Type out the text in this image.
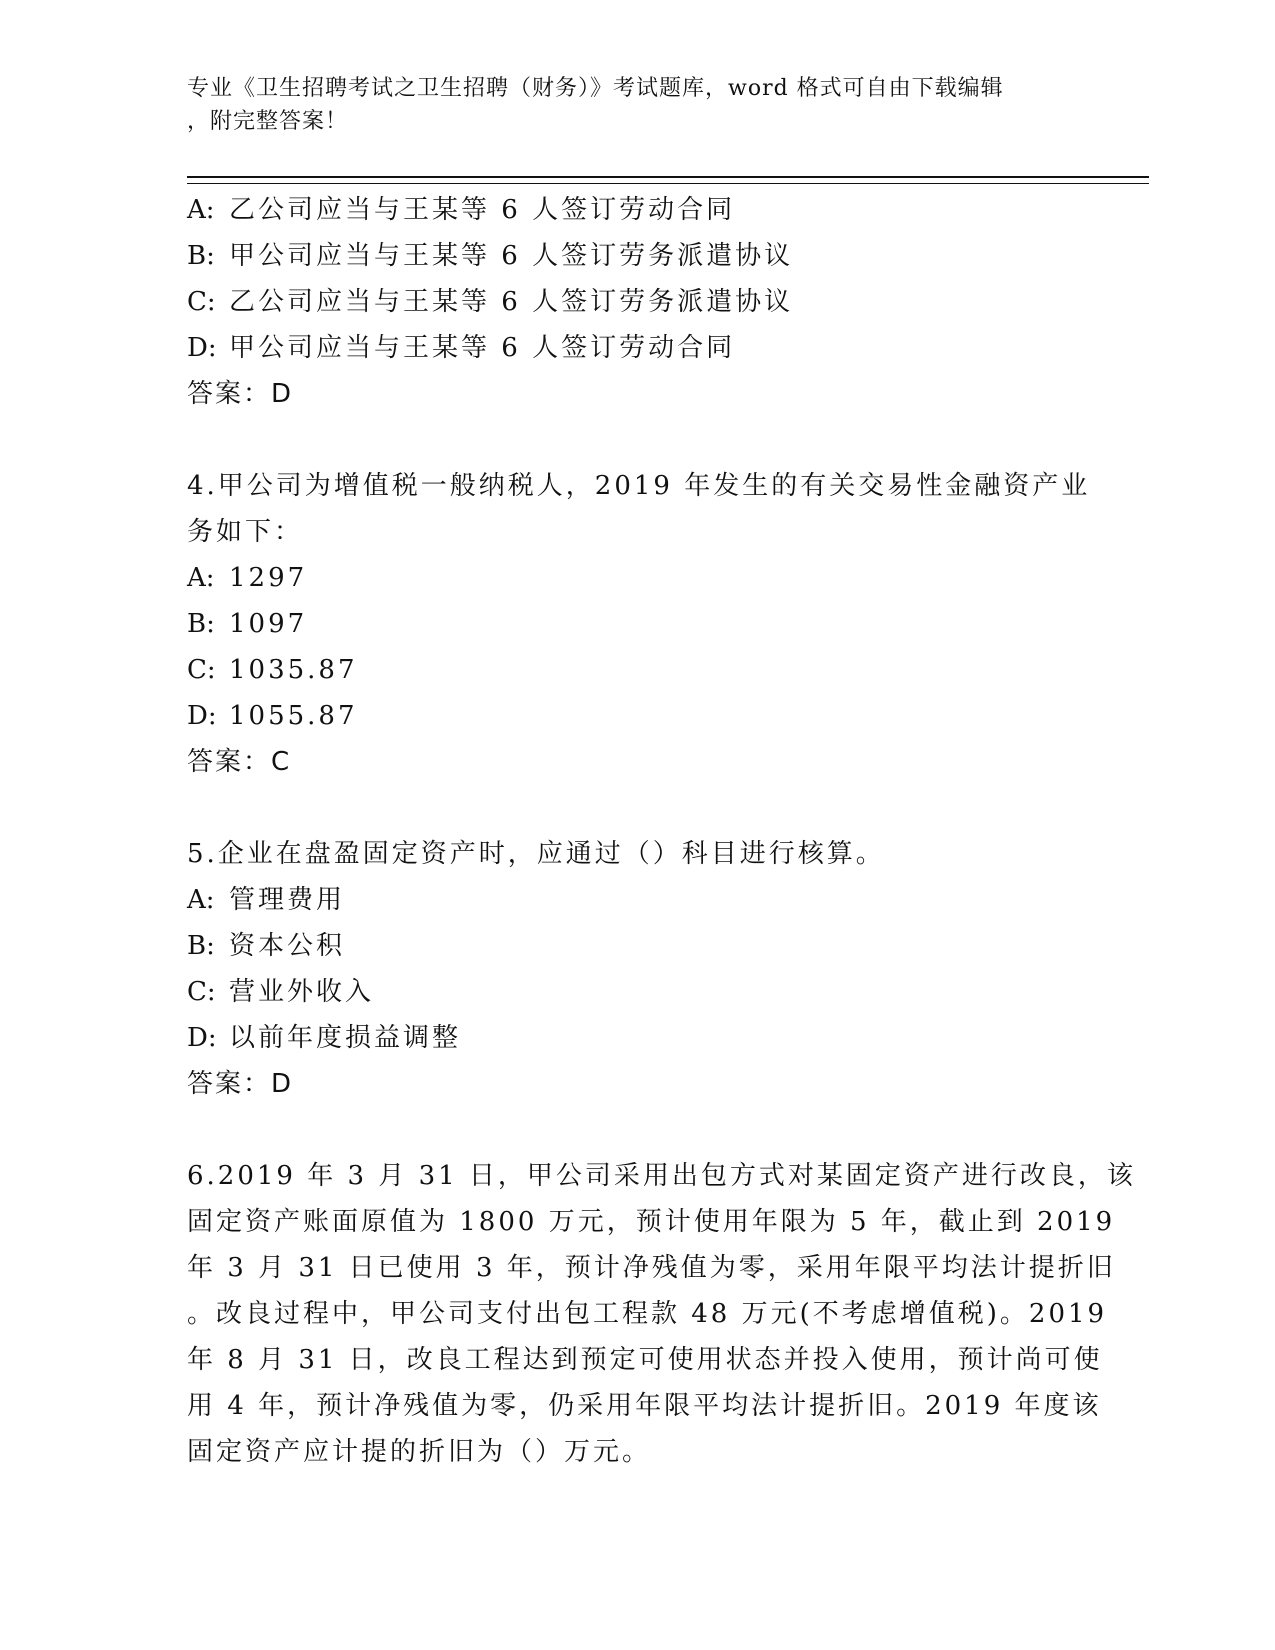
专业《卫生招聘考试之卫生招聘（财务）》考试题库，word 格式可自由下载编辑
，附完整答案！
A: 乙公司应当与王某等 6 人签订劳动合同
B: 甲公司应当与王某等 6 人签订劳务派遣协议
C: 乙公司应当与王某等 6 人签订劳务派遣协议
D: 甲公司应当与王某等 6 人签订劳动合同
答案：D
4.甲公司为增值税一般纳税人，2019 年发生的有关交易性金融资产业
务如下：
A: 1297
B: 1097
C: 1035.87
D: 1055.87
答案：C
5.企业在盘盈固定资产时，应通过（）科目进行核算。
A: 管理费用
B: 资本公积
C: 营业外收入
D: 以前年度损益调整
答案：D
6.2019 年 3 月 31 日，甲公司采用出包方式对某固定资产进行改良，该
固定资产账面原值为 1800 万元，预计使用年限为 5 年，截止到 2019
年 3 月 31 日已使用 3 年，预计净残值为零，采用年限平均法计提折旧
。改良过程中，甲公司支付出包工程款 48 万元(不考虑增值税)。2019
年 8 月 31 日，改良工程达到预定可使用状态并投入使用，预计尚可使
用 4 年，预计净残值为零，仍采用年限平均法计提折旧。2019 年度该
固定资产应计提的折旧为（）万元。
